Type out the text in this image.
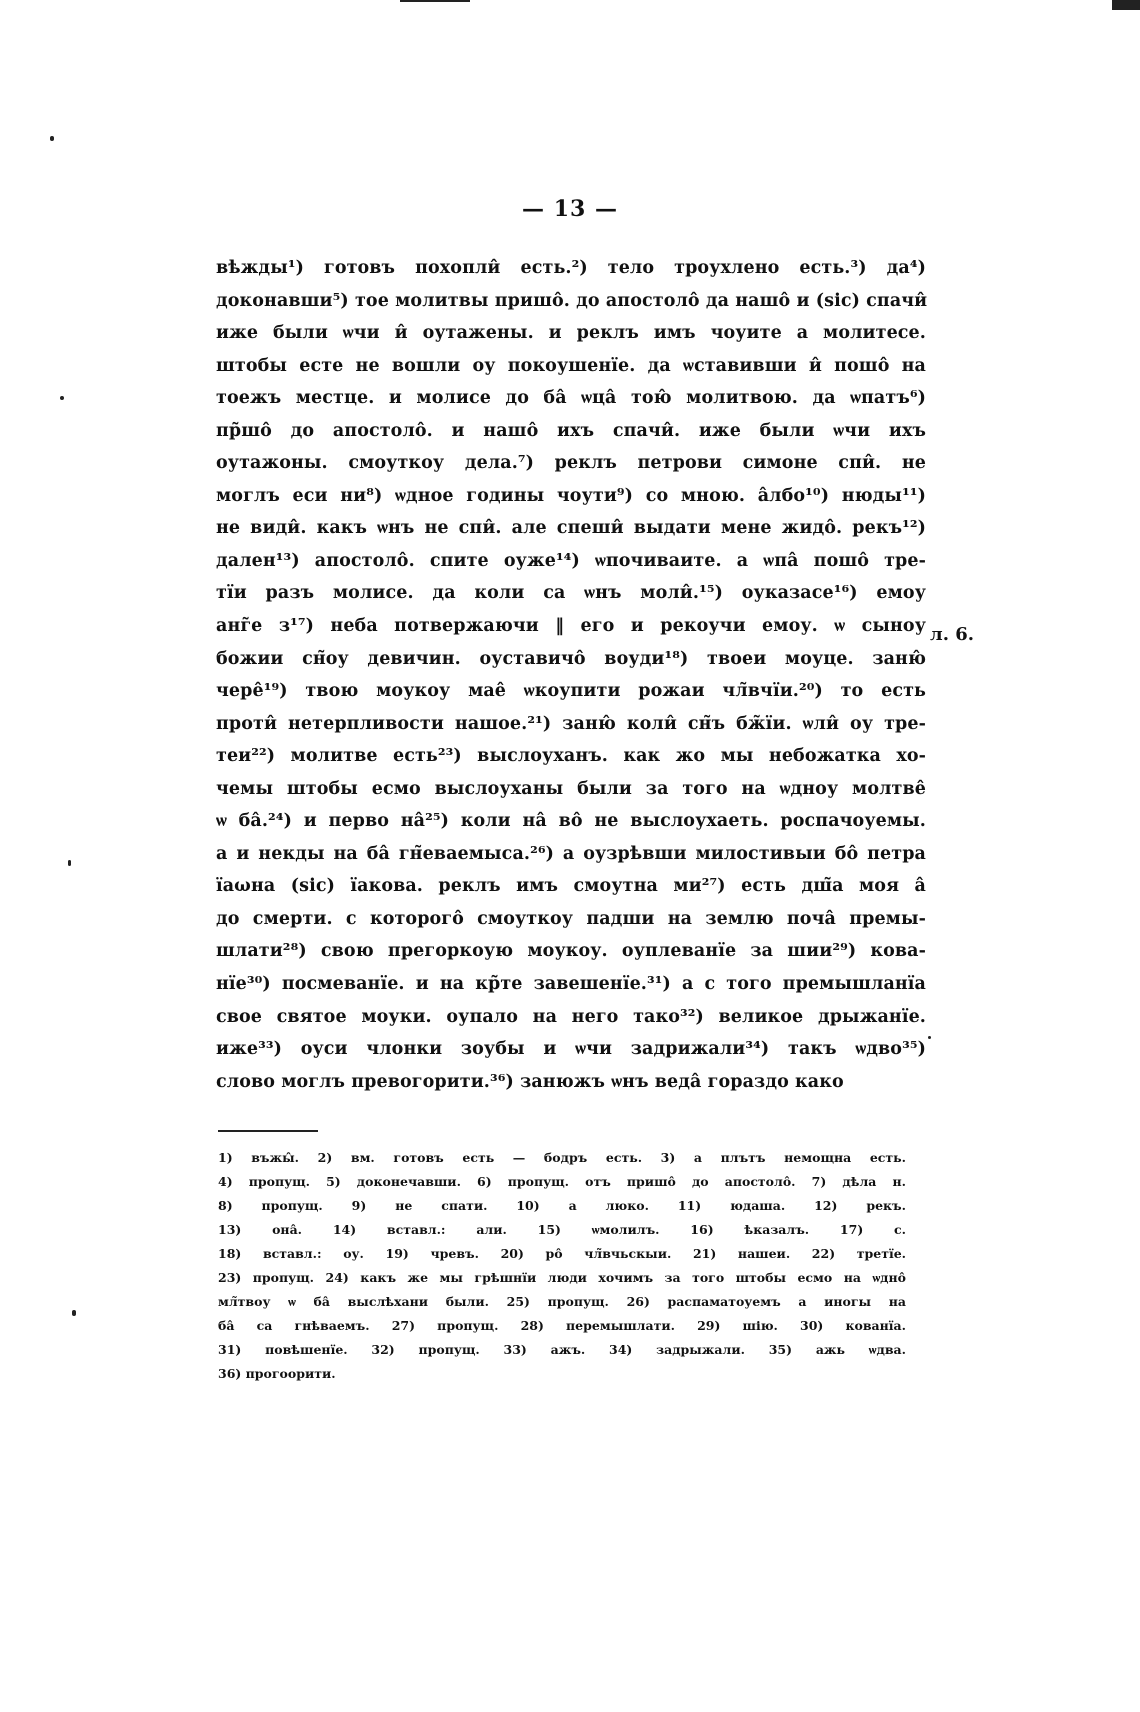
— 13 —
вѣжды¹) готовъ похопли̂ есть.²) тело троухлено есть.³) да⁴)
доконавши⁵) тое молитвы пришо̂. до апостоло̂ да нашо̂ и (sic) спачи̂
иже были ѡчи и̂ оутажены. и реклъ имъ чоуите а молитесе.
штобы есте не вошли оу покоушенїе. да ѡставивши и̂ пошо̂ на
тоежъ местце. и молисе до ба̂ ѡца̂ тою̂ молитвою. да ѡпатъ⁶)
пр̃шо̂ до апостоло̂. и нашо̂ ихъ спачи̂. иже были ѡчи ихъ
оутажоны. смоуткоу дела.⁷) реклъ петрови симоне спи̂. не
моглъ еси ни⁸) ѡдное годины чоути⁹) со мною. а̂лбо¹⁰) нюды¹¹)
не види̂. какъ ѡнъ не спи̂. але спеши̂ выдати мене жидо̂. рекъ¹²)
дален¹³) апостоло̂. спите оуже¹⁴) ѡпочиваите. а ѡпа̂ пошо̂ тре-
тїи разъ молисе. да коли са ѡнъ моли̂.¹⁵) оуказасе¹⁶) емоу
анг̃е з¹⁷) неба потвержаючи ‖ его и рекоучи емоу. ѡ сыноу
божии сн̃оу девичин. оуставичо̂ воуди¹⁸) твоеи моуце. заню̂
чере̂¹⁹) твою моукоу мае̂ ѡкоупити рожаи чл̃вчїи.²⁰) то есть
проти̂ нетерпливости нашое.²¹) заню̂ коли̂ сн̃ъ бж̃їи. ѡли̂ оу тре-
теи²²) молитве есть²³) выслоуханъ. как жо мы небожатка хо-
чемы штобы есмо выслоуханы были за того на ѡдноу молтве̂
ѡ ба̂.²⁴) и перво на̂²⁵) коли на̂ во̂ не выслоухаеть. роспачоуемы.
а и некды на ба̂ гн̃еваемыса.²⁶) а оузрѣвши милостивыи бо̂ петра
їаωна (sic) їакова. реклъ имъ смоутна ми²⁷) есть дш̃а моя а̂
до смерти. с которого̂ смоуткоу падши на землю поча̂ премы-
шлати²⁸) свою прегоркоую моукоу. оуплеванїе за шии²⁹) кова-
нїе³⁰) посмеванїе. и на кр̃те завешенїе.³¹) а с того премышланїа
свое святое моуки. оупало на него тако³²) великое дрыжанїе.
иже³³) оуси члонки зоубы и ѡчи задрижали³⁴) такъ ѡдво³⁵)
слово моглъ превогорити.³⁶) занюжъ ѡнъ веда̂ гораздо како
л. 6.
1) въжы̂. 2) вм. готовъ есть — бодръ есть. 3) а плътъ немощна есть.
4) пропущ. 5) доконечавши. 6) пропущ. отъ пришо̂ до апостоло̂. 7) дѣла н.
8) пропущ. 9) не спати. 10) а люко. 11) юдаша. 12) рекъ.
13) она̂. 14) вставл.: али. 15) ѡмолилъ. 16) ѣказалъ. 17) с.
18) вставл.: оу. 19) чревъ. 20) ро̂ чл̃вчьскыи. 21) нашеи. 22) третїе.
23) пропущ. 24) какъ же мы грѣшнїи люди хочимъ за того штобы есмо на ѡдно̂
мл̃твоу ѡ ба̂ выслѣхани были. 25) пропущ. 26) распаматоуемъ а иногы на
ба̂ са гнѣваемъ. 27) пропущ. 28) перемышлати. 29) шію. 30) кованїа.
31) повѣшенїе. 32) пропущ. 33) ажъ. 34) задрыжали. 35) ажь ѡдва.
36) прогоорити.
